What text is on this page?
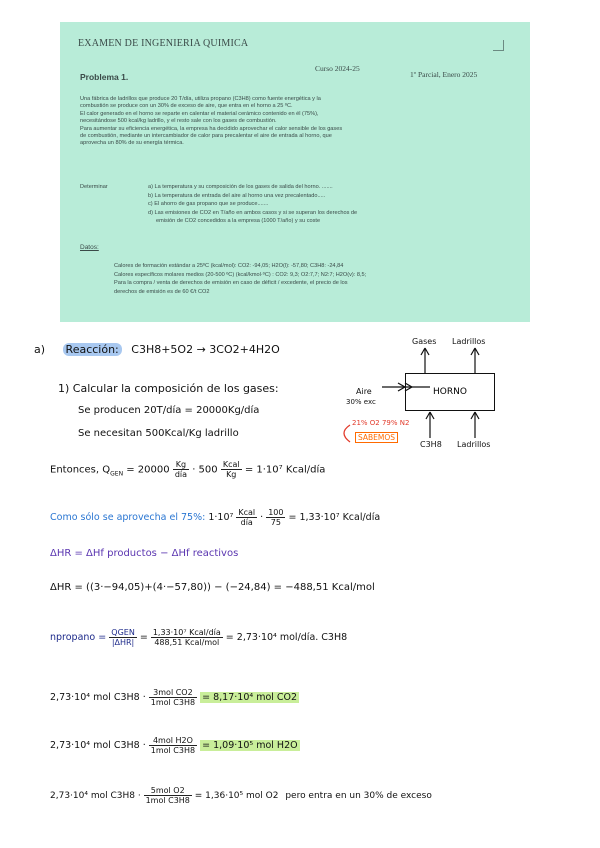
EXAMEN DE INGENIERIA QUIMICA
Problema 1.
Curso 2024-25
1º Parcial, Enero 2025

Una fábrica de ladrillos que produce 20 T/día, utiliza propano (C3H8) como fuente energética y la

combustión se produce con un 30% de exceso de aire, que entra en el horno a 25 ºC.

El calor generado en el horno se reparte en calentar el material cerámico contenido en él (75%),

necesitándose 500 kcal/kg ladrillo, y el resto sale con los gases de combustión.

Para aumentar su eficiencia energética, la empresa ha decidido aprovechar el calor sensible de los gases

de combustión, mediante un intercambiador de calor para precalentar el aire de entrada al horno, que

aprovecha un 80% de su energía térmica.

Determinar	a) La temperatura y su composición de los gases de salida del horno. .......
b) La temperatura de entrada del aire al horno una vez precalentado.....
c) El ahorro de gas propano que se produce.......
d) Las emisiones de CO2 en T/año en ambos casos y si se superan los derechos de
emisión de CO2 concedidos a la empresa (1000 T/año) y su coste
Datos:

Calores de formación estándar a 25ºC (kcal/mol): CO2: -94,05; H2O(l): -57,80; C3H8: -24,84

Calores específicos molares medios (20-500 ºC) (kcal/kmol·ºC) : CO2: 9,3; O2:7,7; N2:7; H2O(v): 8,5;

Para la compra / venta de derechos de emisión en caso de déficit / excedente, el precio de los

derechos de emisión es de 60 €/t CO2

a) Reacción: C3H8+5O2 → 3CO2+4H2O
1) Calcular la composición de los gases:
Se producen 20T/día = 20000Kg/día
Se necesitan 500Kcal/Kg ladrillo
HORNO
Gases Ladrillos
Aire
30% exc
21% O2 79% N2
SABEMOS
C3H8 Ladrillos
Entonces, $Q_{GEN} = 20000 \frac{Kg}{\text{día}} \cdot 500 \frac{\text{Kcal}}{Kg} = 1\cdot 10^7$ Kcal/día
Como sólo se aprovecha el 75%: $1\cdot 10^7 \frac{\text{Kcal}}{\text{día}} \cdot \frac{100}{75} = 1,33\cdot 10^7$ Kcal/día
ΔHR = ΔHf productos − ΔHf reactivos
ΔHR = ((3·−94,05)+(4·−57,80)) − (−24,84) = −488,51 Kcal/mol
npropano = $\frac{\text{QGEN}}{\text{|ΔHR|}} = \frac{\text{1,33·10⁷ Kcal/día}}{\text{488,51 Kcal/mol}} = 2,73\cdot 10^4$ mol/día. C3H8
2,73·10⁴ mol $C3H8 \cdot \frac{\text{3mol CO2}}{\text{1mol C3H8}} = 8,17\cdot 10^4$ mol CO2
2,73·10⁴ mol $C3H8 \cdot \frac{\text{4mol H2O}}{\text{1mol C3H8}} = 1,09\cdot 10^5$ mol H2O
2,73·10⁴ mol $C3H8 \cdot \frac{\text{5mol O2}}{\text{1mol C3H8}} = 1,36\cdot 10^5$ mol O2 pero entra en un 30% de exceso
